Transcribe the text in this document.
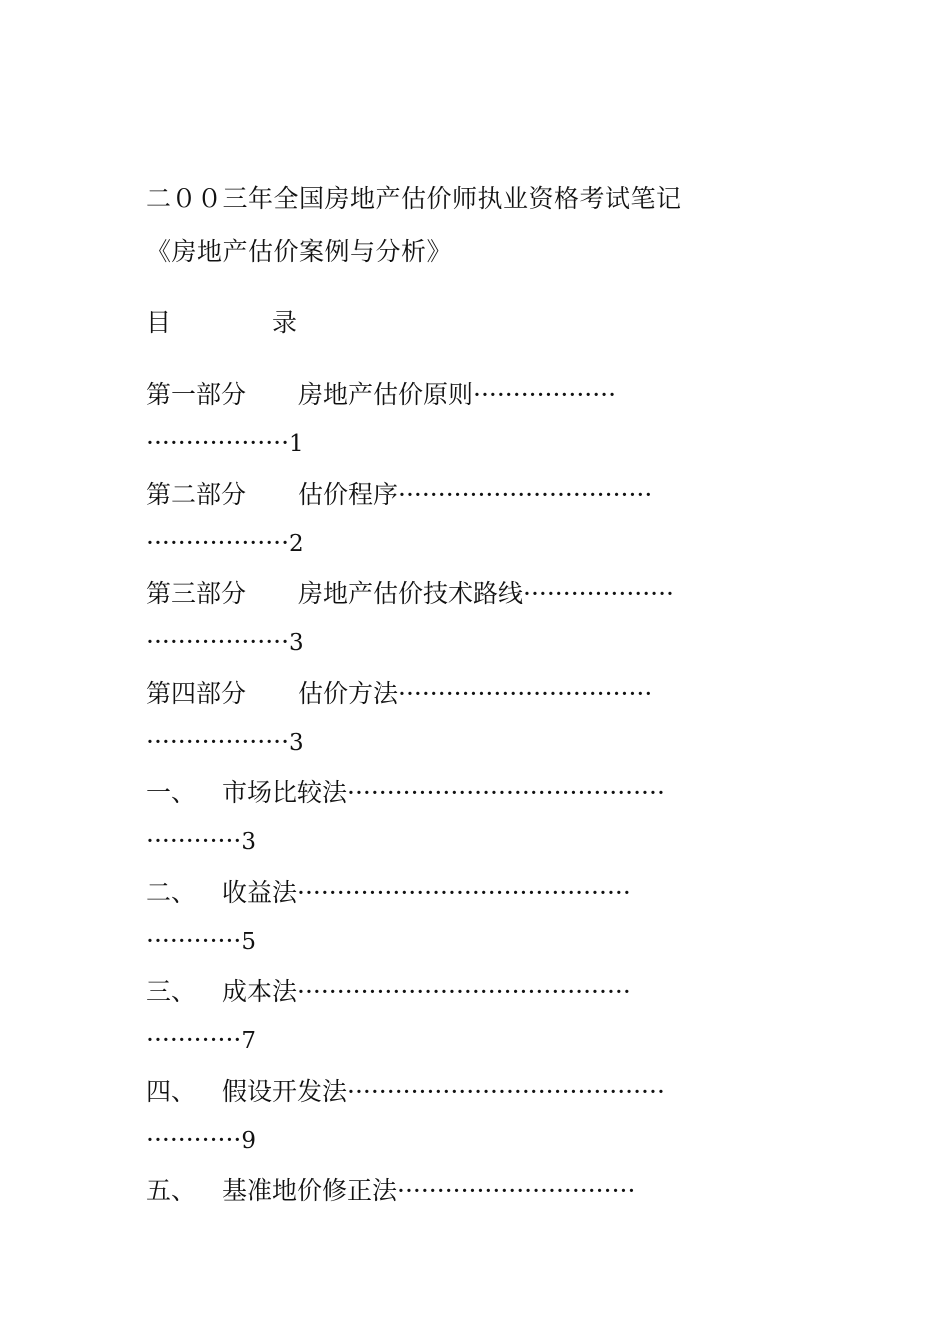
二００三年全国房地产估价师执业资格考试笔记
《房地产估价案例与分析》
目	录
第一部分 房地产估价原则··················
··················1
第二部分 估价程序································
··················2
第三部分 房地产估价技术路线···················
··················3
第四部分 估价方法································
··················3
一、 市场比较法········································
············3
二、 收益法··········································
············5
三、 成本法··········································
············7
四、 假设开发法········································
············9
五、 基准地价修正法······························
